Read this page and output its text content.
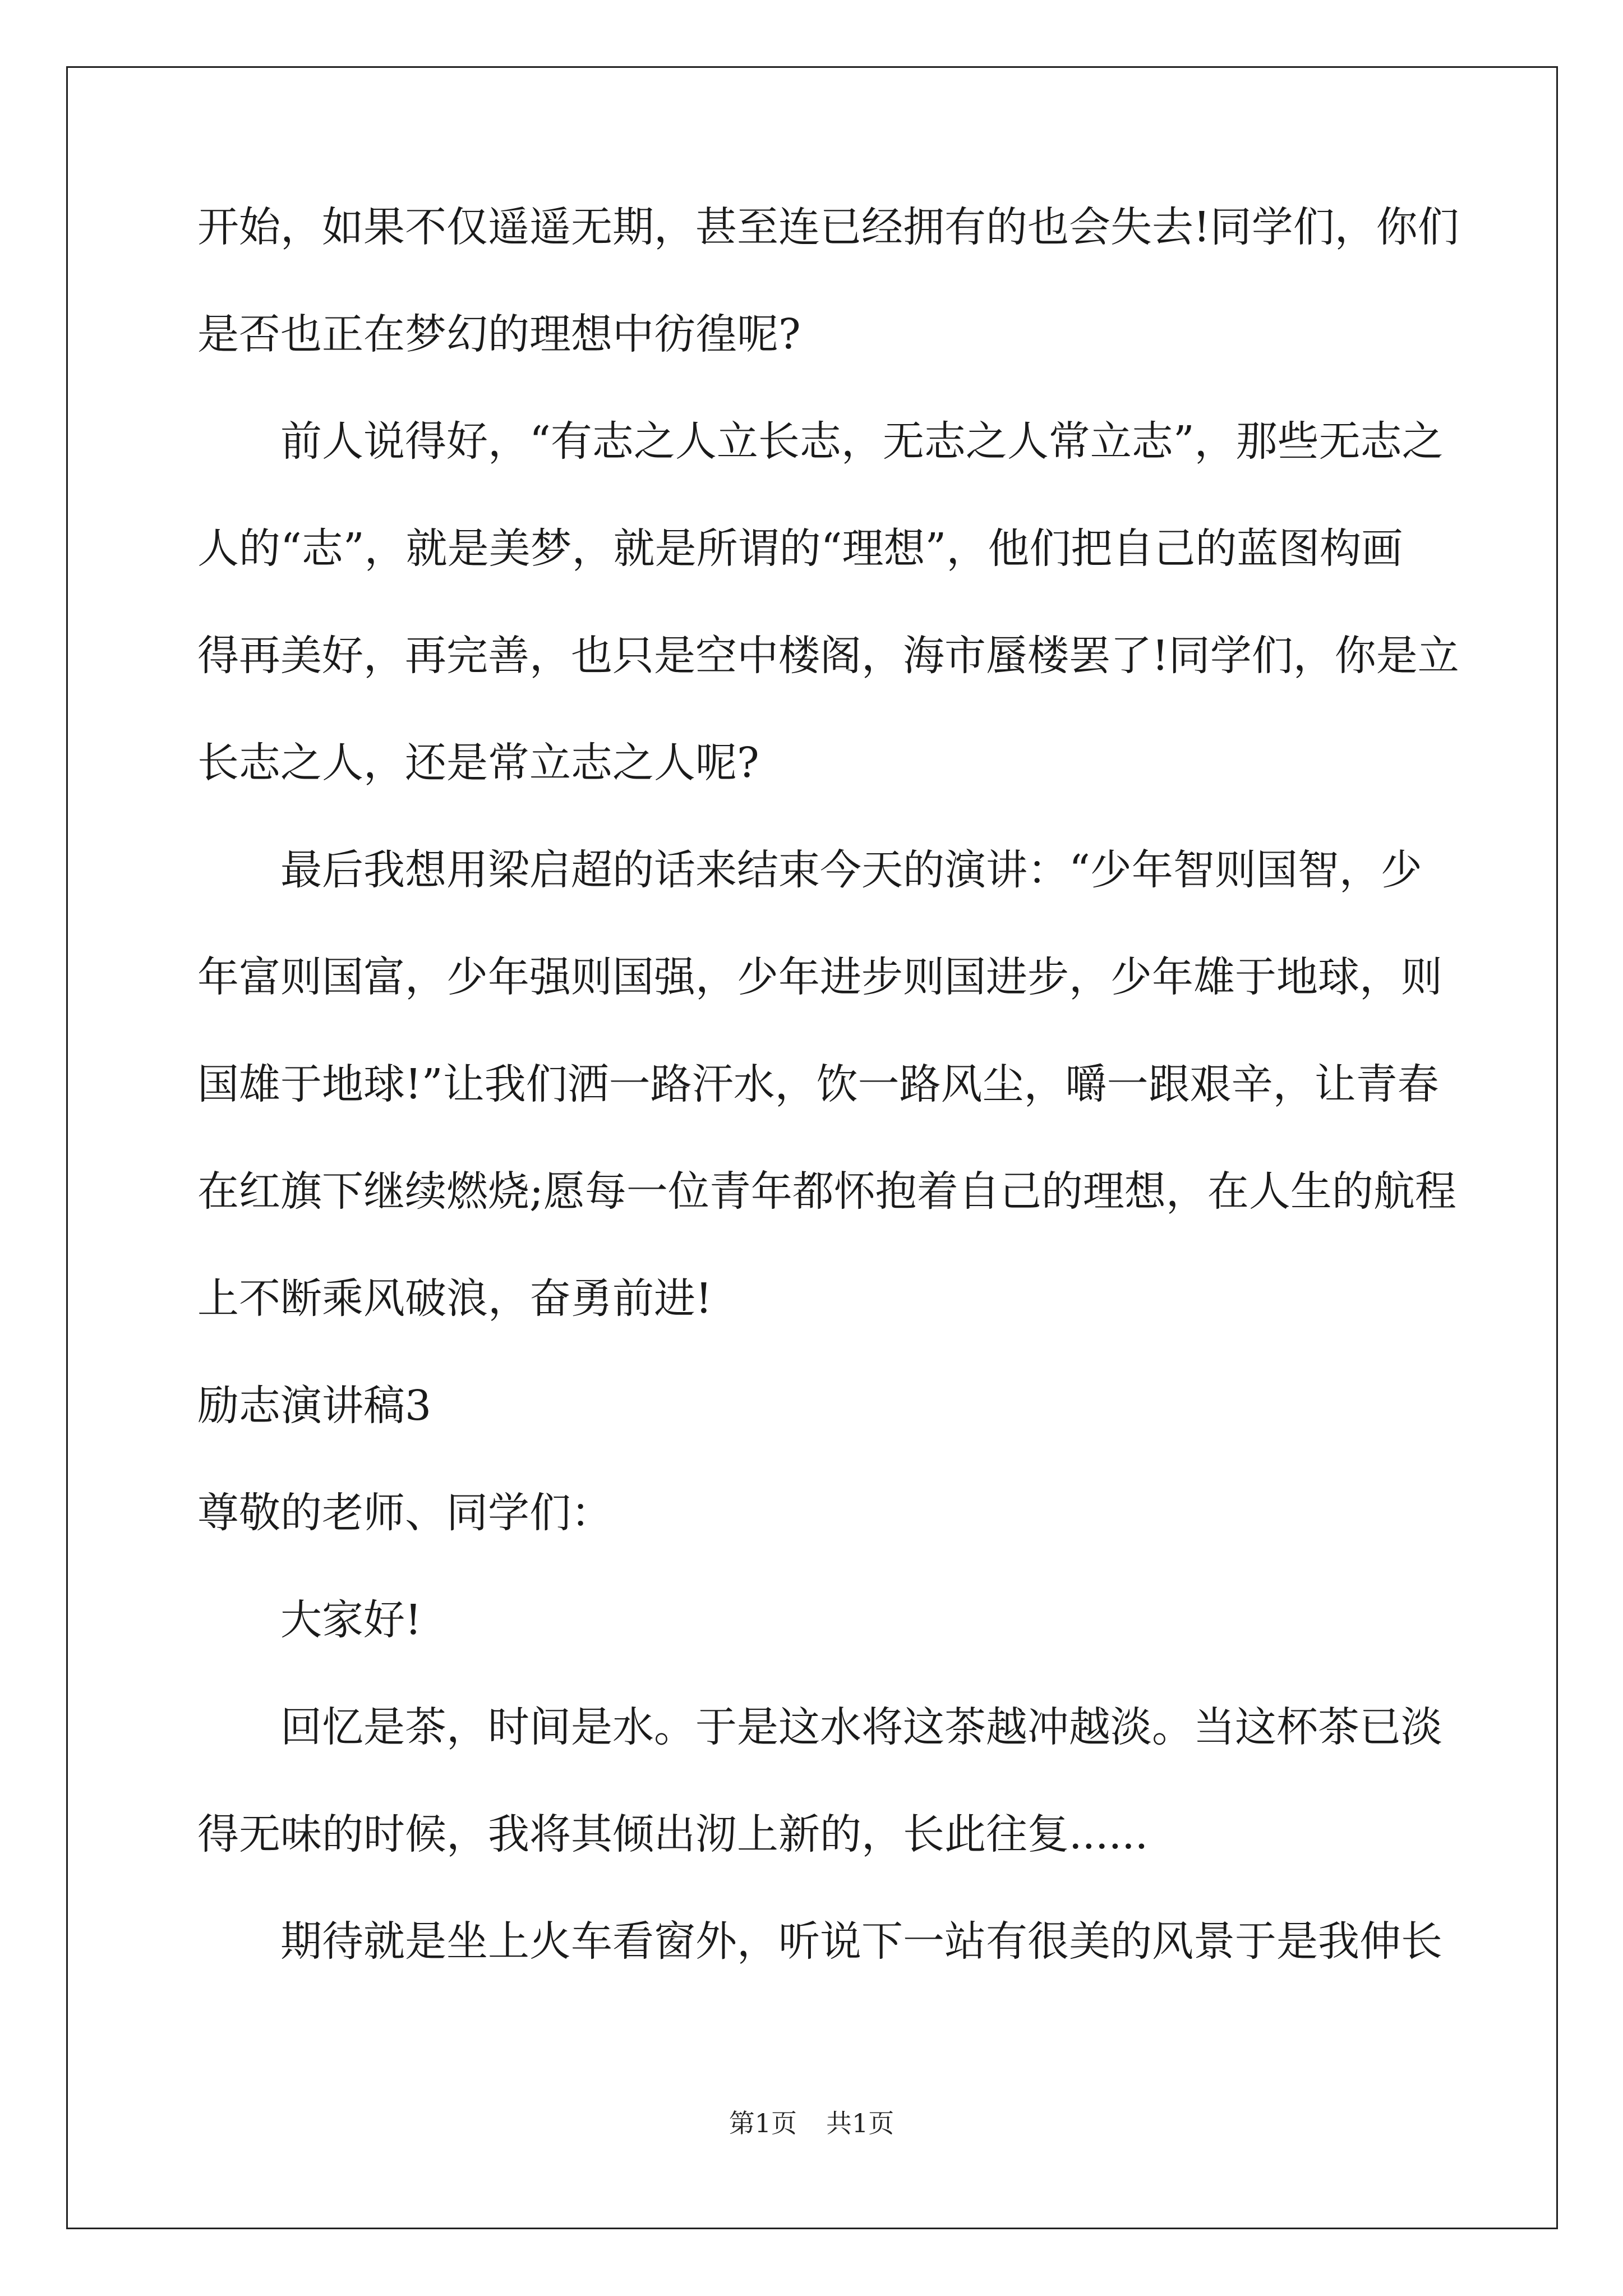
开始，如果不仅遥遥无期，甚至连已经拥有的也会失去!同学们，你们
是否也正在梦幻的理想中彷徨呢?
前人说得好，“有志之人立长志，无志之人常立志”，那些无志之
人的“志”，就是美梦，就是所谓的“理想”，他们把自己的蓝图构画
得再美好，再完善，也只是空中楼阁，海市蜃楼罢了!同学们，你是立
长志之人，还是常立志之人呢?
最后我想用梁启超的话来结束今天的演讲：“少年智则国智，少
年富则国富，少年强则国强，少年进步则国进步，少年雄于地球，则
国雄于地球!”让我们洒一路汗水，饮一路风尘，嚼一跟艰辛，让青春
在红旗下继续燃烧;愿每一位青年都怀抱着自己的理想，在人生的航程
上不断乘风破浪，奋勇前进!
励志演讲稿3
尊敬的老师、同学们：
大家好!
回忆是茶，时间是水。于是这水将这茶越冲越淡。当这杯茶已淡
得无味的时候，我将其倾出沏上新的，长此往复......
期待就是坐上火车看窗外，听说下一站有很美的风景于是我伸长
第1页 共1页
